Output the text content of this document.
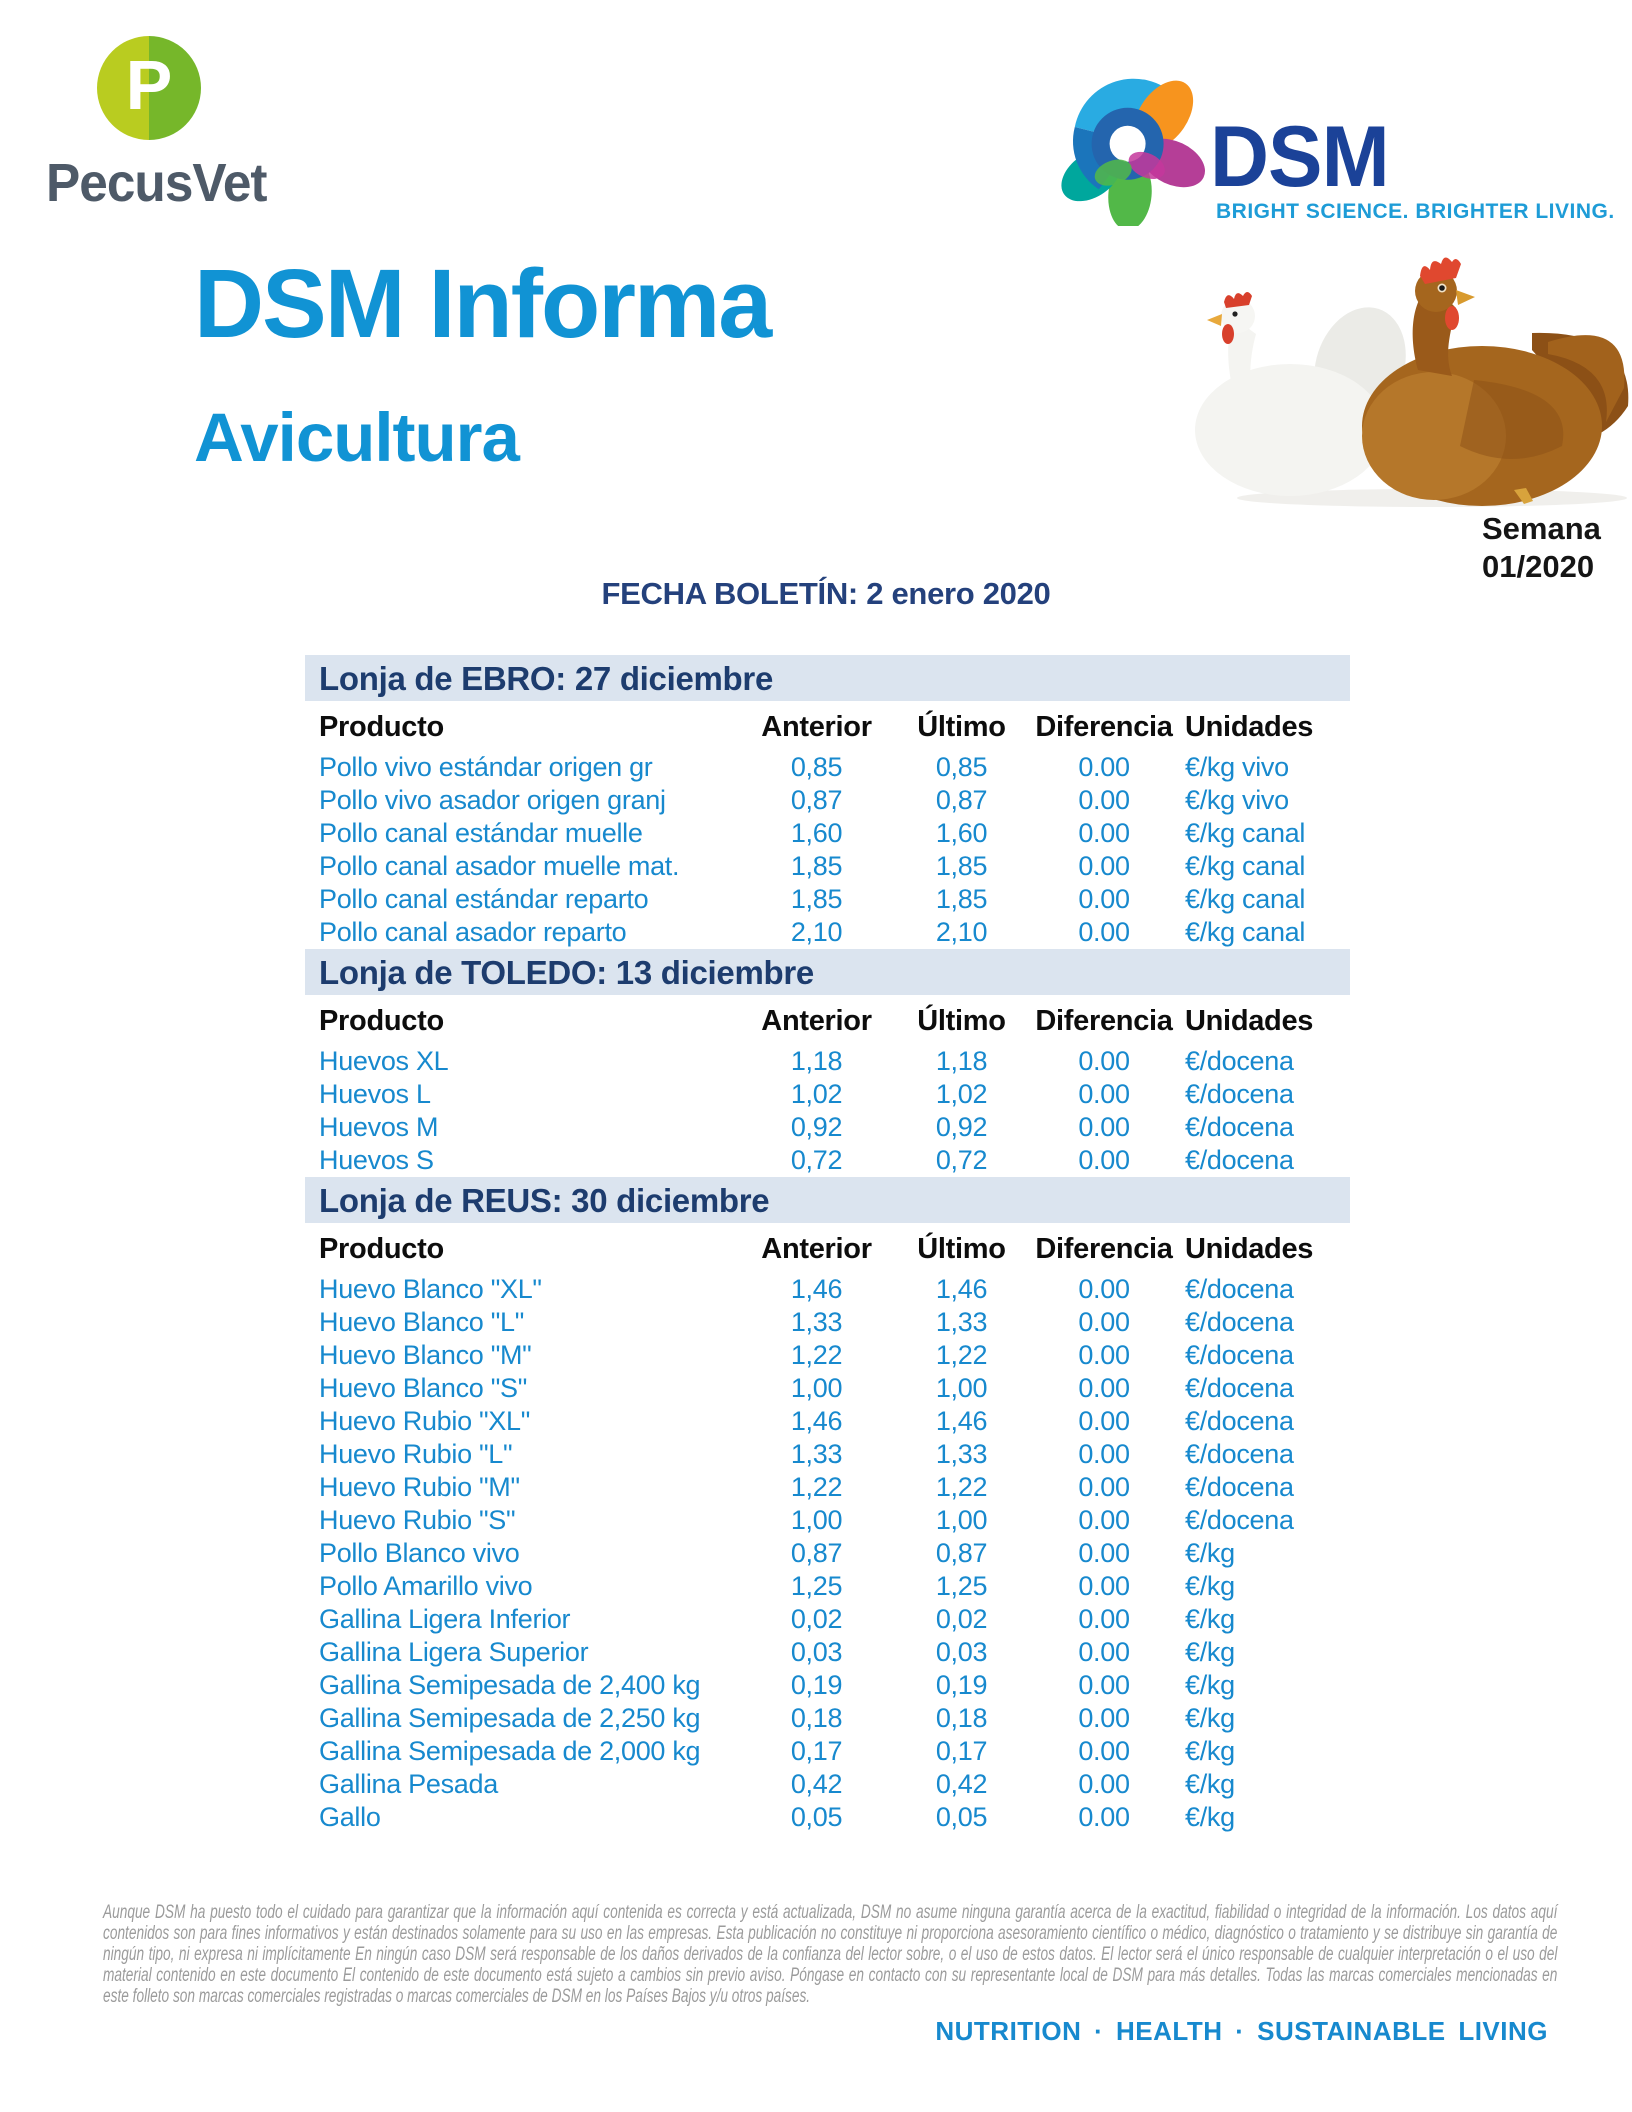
P
PecusVet	DSM
BRIGHT SCIENCE. BRIGHTER LIVING.
DSM Informa
Avicultura
Semana
01/2020
FECHA BOLETÍN: 2 enero 2020
Lonja de EBRO: 27 diciembre
Producto	Anterior	Último	Diferencia	Unidades
Pollo vivo estándar origen gr	0,85	0,85	0.00	€/kg vivo
Pollo vivo asador origen granj	0,87	0,87	0.00	€/kg vivo
Pollo canal estándar muelle	1,60	1,60	0.00	€/kg canal
Pollo canal asador muelle mat.	1,85	1,85	0.00	€/kg canal
Pollo canal estándar reparto	1,85	1,85	0.00	€/kg canal
Pollo canal asador reparto	2,10	2,10	0.00	€/kg canal
Lonja de TOLEDO: 13 diciembre
Producto	Anterior	Último	Diferencia	Unidades
Huevos XL	1,18	1,18	0.00	€/docena
Huevos L	1,02	1,02	0.00	€/docena
Huevos M	0,92	0,92	0.00	€/docena
Huevos S	0,72	0,72	0.00	€/docena
Lonja de REUS: 30 diciembre
Producto	Anterior	Último	Diferencia	Unidades
Huevo Blanco "XL"	1,46	1,46	0.00	€/docena
Huevo Blanco "L"	1,33	1,33	0.00	€/docena
Huevo Blanco "M"	1,22	1,22	0.00	€/docena
Huevo Blanco "S"	1,00	1,00	0.00	€/docena
Huevo Rubio "XL"	1,46	1,46	0.00	€/docena
Huevo Rubio "L"	1,33	1,33	0.00	€/docena
Huevo Rubio "M"	1,22	1,22	0.00	€/docena
Huevo Rubio "S"	1,00	1,00	0.00	€/docena
Pollo Blanco vivo	0,87	0,87	0.00	€/kg
Pollo Amarillo vivo	1,25	1,25	0.00	€/kg
Gallina Ligera Inferior	0,02	0,02	0.00	€/kg
Gallina Ligera Superior	0,03	0,03	0.00	€/kg
Gallina Semipesada de 2,400 kg	0,19	0,19	0.00	€/kg
Gallina Semipesada de 2,250 kg	0,18	0,18	0.00	€/kg
Gallina Semipesada de 2,000 kg	0,17	0,17	0.00	€/kg
Gallina Pesada	0,42	0,42	0.00	€/kg
Gallo	0,05	0,05	0.00	€/kg
Aunque DSM ha puesto todo el cuidado para garantizar que la información aquí contenida es correcta y está actualizada, DSM no asume ninguna garantía acerca de la exactitud, fiabilidad o integridad de la información. Los datos aquí contenidos son para fines informativos y están destinados solamente para su uso en las empresas. Esta publicación no constituye ni proporciona asesoramiento científico o médico, diagnóstico o tratamiento y se distribuye sin garantía de ningún tipo, ni expresa ni implícitamente En ningún caso DSM será responsable de los daños derivados de la confianza del lector sobre, o el uso de estos datos. El lector será el único responsable de cualquier interpretación o el uso del material contenido en este documento El contenido de este documento está sujeto a cambios sin previo aviso. Póngase en contacto con su representante local de DSM para más detalles. Todas las marcas comerciales mencionadas en este folleto son marcas comerciales registradas o marcas comerciales de DSM en los Países Bajos y/u otros países.
NUTRITION · HEALTH · SUSTAINABLE LIVING
